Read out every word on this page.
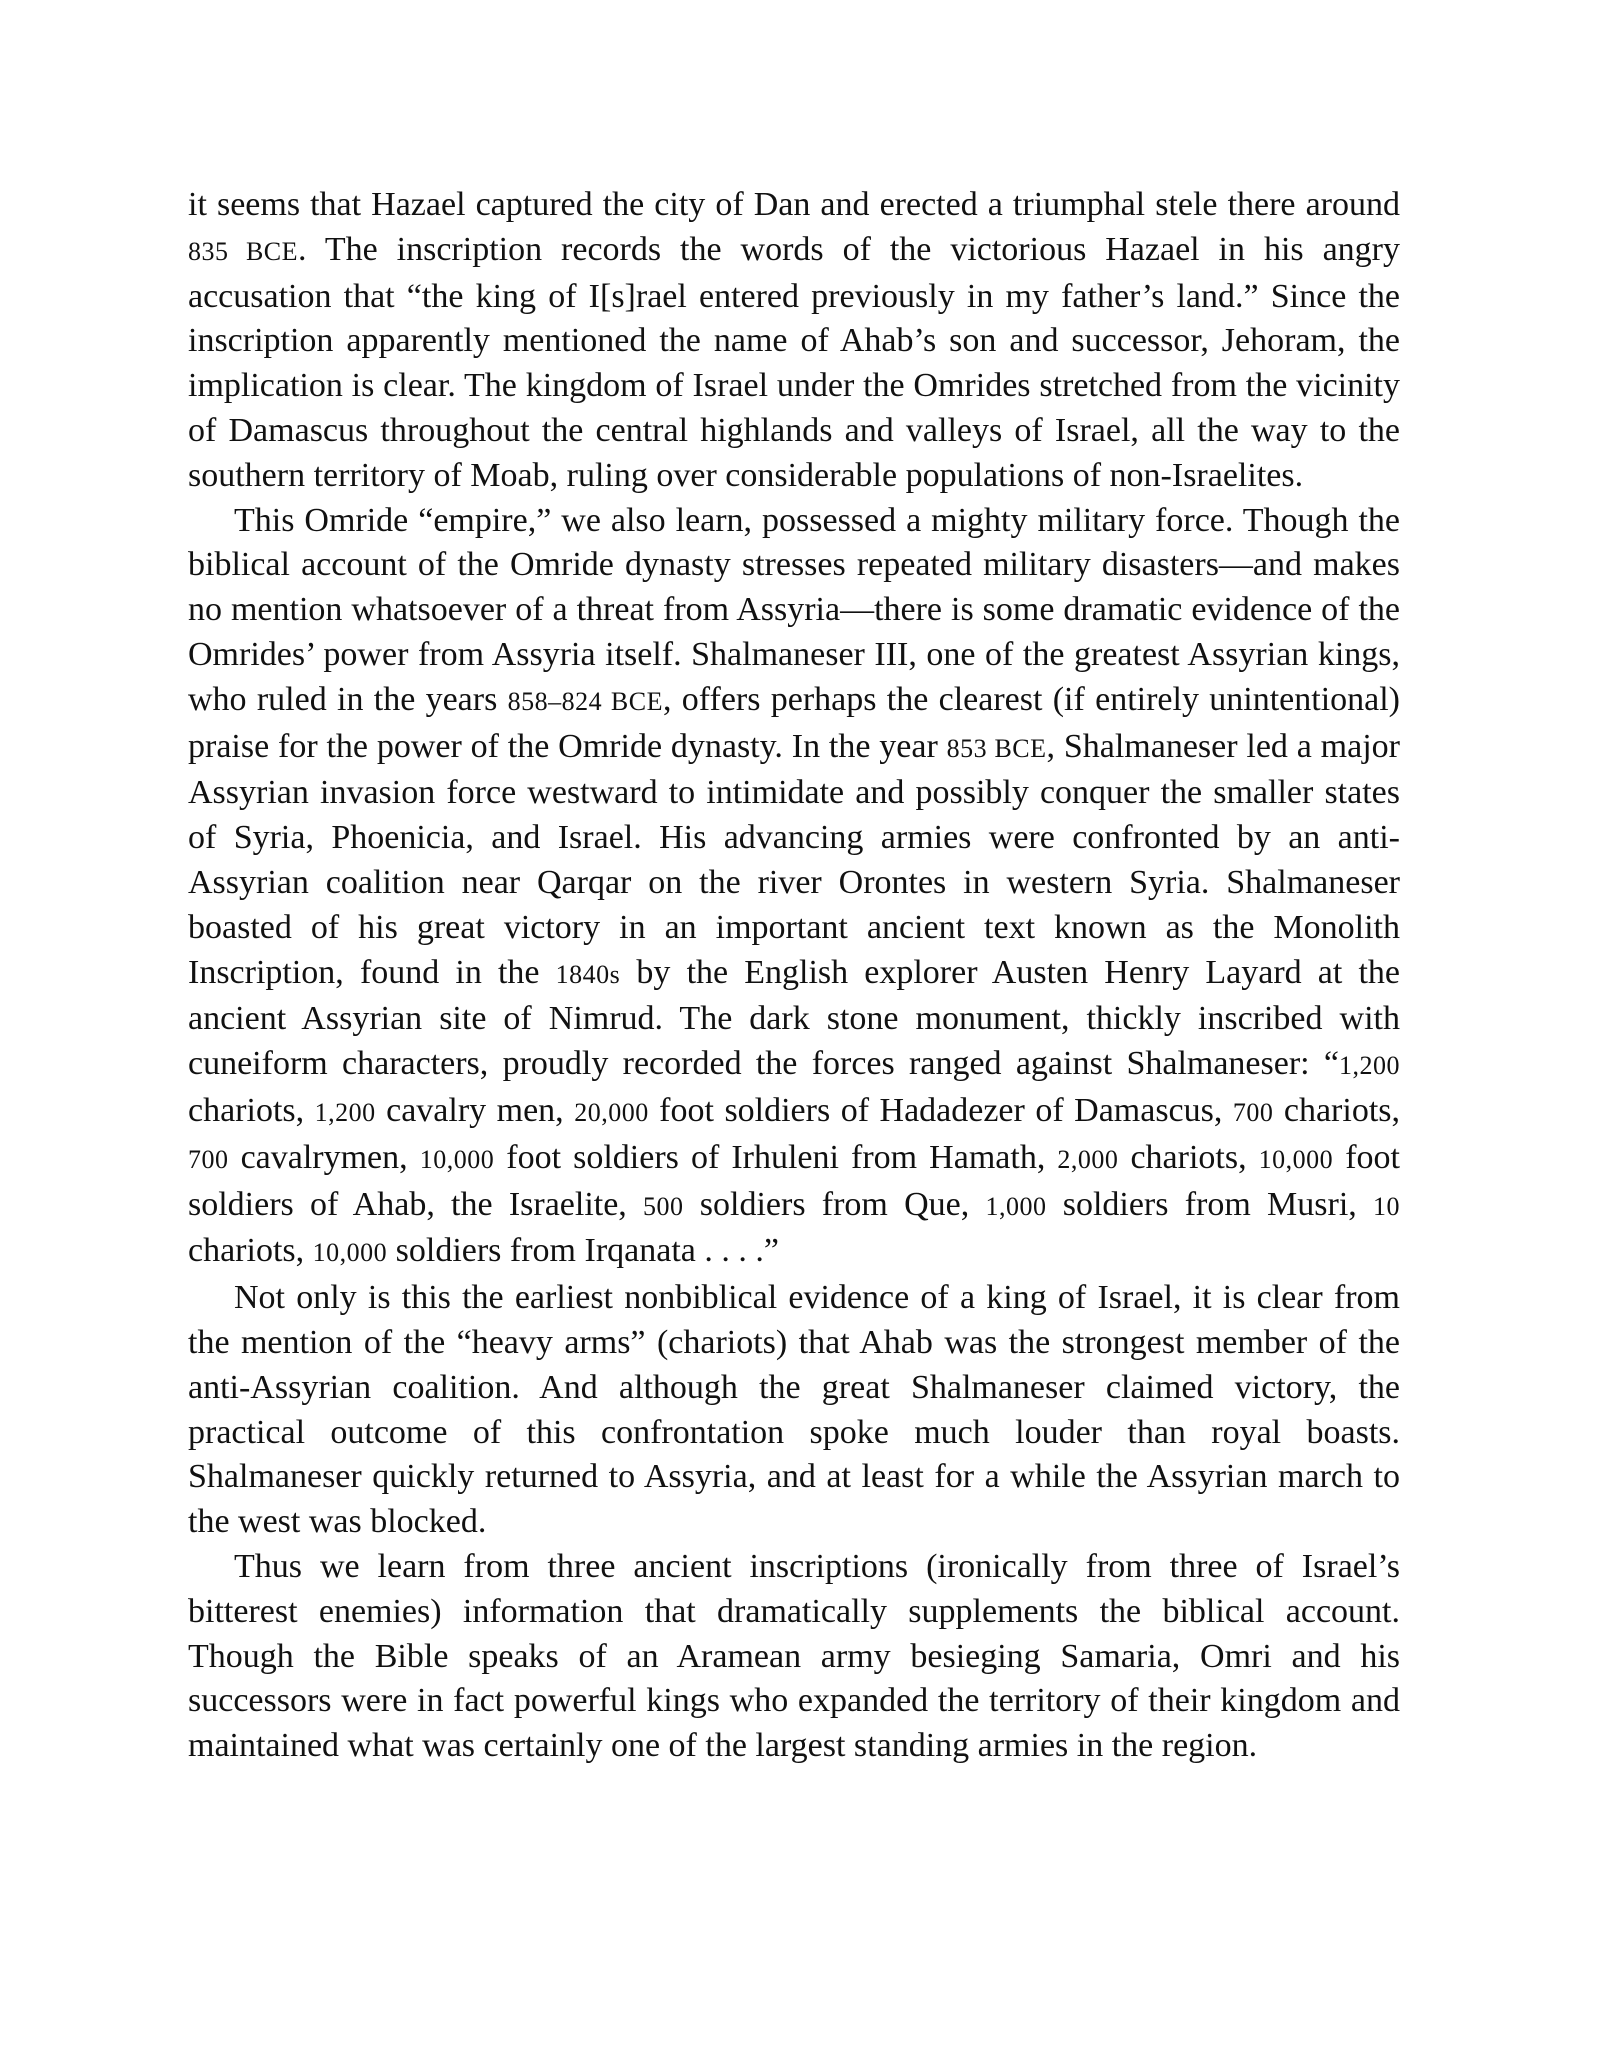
it seems that Hazael captured the city of Dan and erected a triumphal stele there around 835 BCE. The inscription records the words of the victorious Hazael in his angry accusation that “the king of I[s]rael entered previously in my father’s land.” Since the inscription apparently mentioned the name of Ahab’s son and successor, Jehoram, the implication is clear. The kingdom of Israel under the Omrides stretched from the vicinity of Damascus throughout the central highlands and valleys of Israel, all the way to the southern territory of Moab, ruling over considerable populations of non-Israelites.

This Omride “empire,” we also learn, possessed a mighty military force. Though the biblical account of the Omride dynasty stresses repeated military disasters—and makes no mention whatsoever of a threat from Assyria—there is some dramatic evidence of the Omrides’ power from Assyria itself. Shalmaneser III, one of the greatest Assyrian kings, who ruled in the years 858–824 BCE, offers perhaps the clearest (if entirely unintentional) praise for the power of the Omride dynasty. In the year 853 BCE, Shalmaneser led a major Assyrian invasion force westward to intimidate and possibly conquer the smaller states of Syria, Phoenicia, and Israel. His advancing armies were confronted by an anti-Assyrian coalition near Qarqar on the river Orontes in western Syria. Shalmaneser boasted of his great victory in an important ancient text known as the Monolith Inscription, found in the 1840s by the English explorer Austen Henry Layard at the ancient Assyrian site of Nimrud. The dark stone monument, thickly inscribed with cuneiform characters, proudly recorded the forces ranged against Shalmaneser: “1,200 chariots, 1,200 cavalry men, 20,000 foot soldiers of Hadadezer of Damascus, 700 chariots, 700 cavalrymen, 10,000 foot soldiers of Irhuleni from Hamath, 2,000 chariots, 10,000 foot soldiers of Ahab, the Israelite, 500 soldiers from Que, 1,000 soldiers from Musri, 10 chariots, 10,000 soldiers from Irqanata . . . .”

Not only is this the earliest nonbiblical evidence of a king of Israel, it is clear from the mention of the “heavy arms” (chariots) that Ahab was the strongest member of the anti-Assyrian coalition. And although the great Shalmaneser claimed victory, the practical outcome of this confrontation spoke much louder than royal boasts. Shalmaneser quickly returned to Assyria, and at least for a while the Assyrian march to the west was blocked.

Thus we learn from three ancient inscriptions (ironically from three of Israel’s bitterest enemies) information that dramatically supplements the biblical account. Though the Bible speaks of an Aramean army besieging Samaria, Omri and his successors were in fact powerful kings who expanded the territory of their kingdom and maintained what was certainly one of the largest standing armies in the region.
